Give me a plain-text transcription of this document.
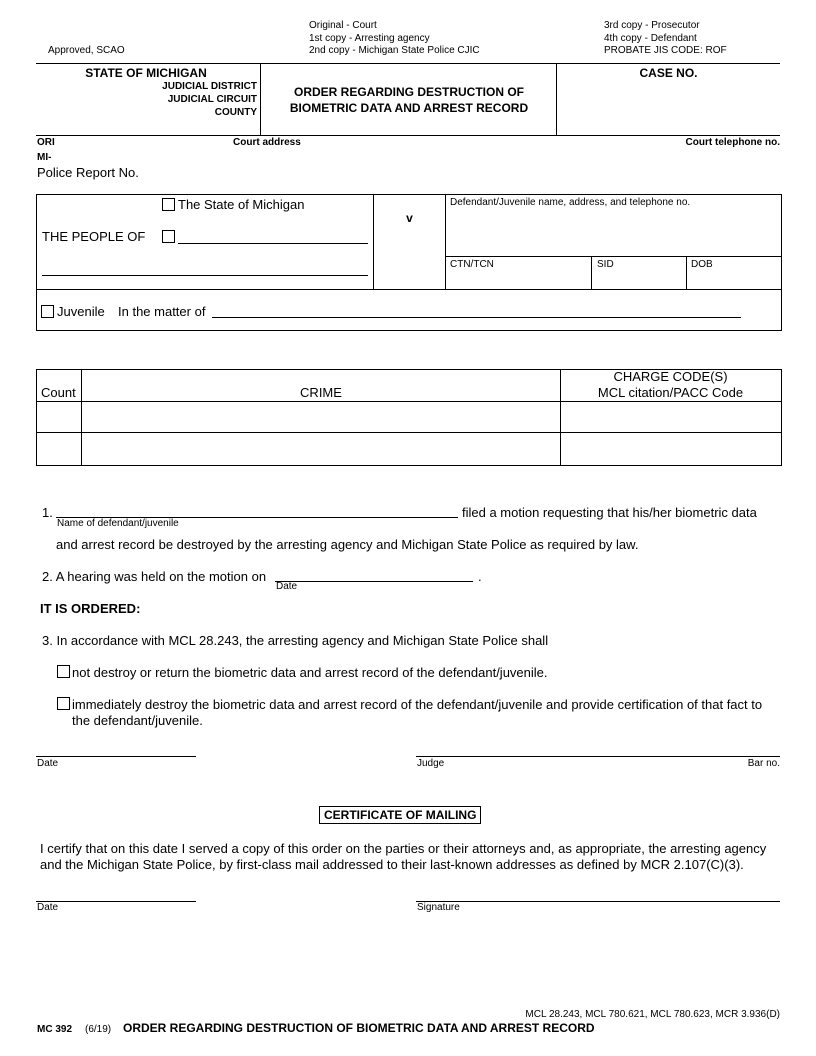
Approved, SCAO
Original - Court
1st copy - Arresting agency
2nd copy - Michigan State Police CJIC
3rd copy - Prosecutor
4th copy - Defendant
PROBATE JIS CODE: ROF
STATE OF MICHIGAN
JUDICIAL DISTRICT
JUDICIAL CIRCUIT
COUNTY
ORDER REGARDING DESTRUCTION OF
BIOMETRIC DATA AND ARREST RECORD
CASE NO.
ORI
MI-
Court address	Court telephone no.
Police Report No.
The State of Michigan
THE PEOPLE OF
v
Defendant/Juvenile name, address, and telephone no.
CTN/TCN	SID	DOB
Juvenile In the matter of
Count	CRIME
CHARGE CODE(S)
MCL citation/PACC Code
1.	filed a motion requesting that his/her biometric data
Name of defendant/juvenile
and arrest record be destroyed by the arresting agency and Michigan State Police as required by law.
2. A hearing was held on the motion on	.
Date
IT IS ORDERED:
3. In accordance with MCL 28.243, the arresting agency and Michigan State Police shall
not destroy or return the biometric data and arrest record of the defendant/juvenile.
immediately destroy the biometric data and arrest record of the defendant/juvenile and provide certification of that fact to
the defendant/juvenile.
Date	Judge	Bar no.
CERTIFICATE OF MAILING
I certify that on this date I served a copy of this order on the parties or their attorneys and, as appropriate, the arresting agency
and the Michigan State Police, by first-class mail addressed to their last-known addresses as defined by MCR 2.107(C)(3).
Date	Signature
MCL 28.243, MCL 780.621, MCL 780.623, MCR 3.936(D)
MC 392 (6/19) ORDER REGARDING DESTRUCTION OF BIOMETRIC DATA AND ARREST RECORD
